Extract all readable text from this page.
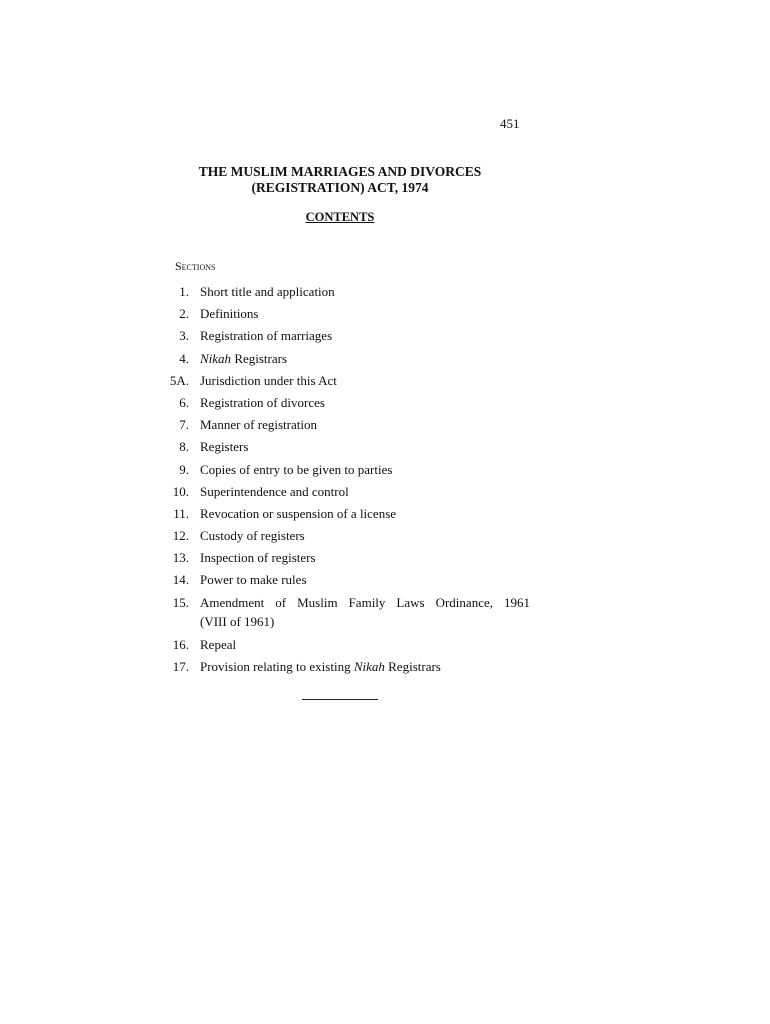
451
THE MUSLIM MARRIAGES AND DIVORCES
(REGISTRATION) ACT, 1974
CONTENTS
Sections
1. Short title and application
2. Definitions
3. Registration of marriages
4. Nikah Registrars
5A. Jurisdiction under this Act
6. Registration of divorces
7. Manner of registration
8. Registers
9. Copies of entry to be given to parties
10. Superintendence and control
11. Revocation or suspension of a license
12. Custody of registers
13. Inspection of registers
14. Power to make rules
15. Amendment of Muslim Family Laws Ordinance, 1961
(VIII of 1961)
16. Repeal
17. Provision relating to existing Nikah Registrars
